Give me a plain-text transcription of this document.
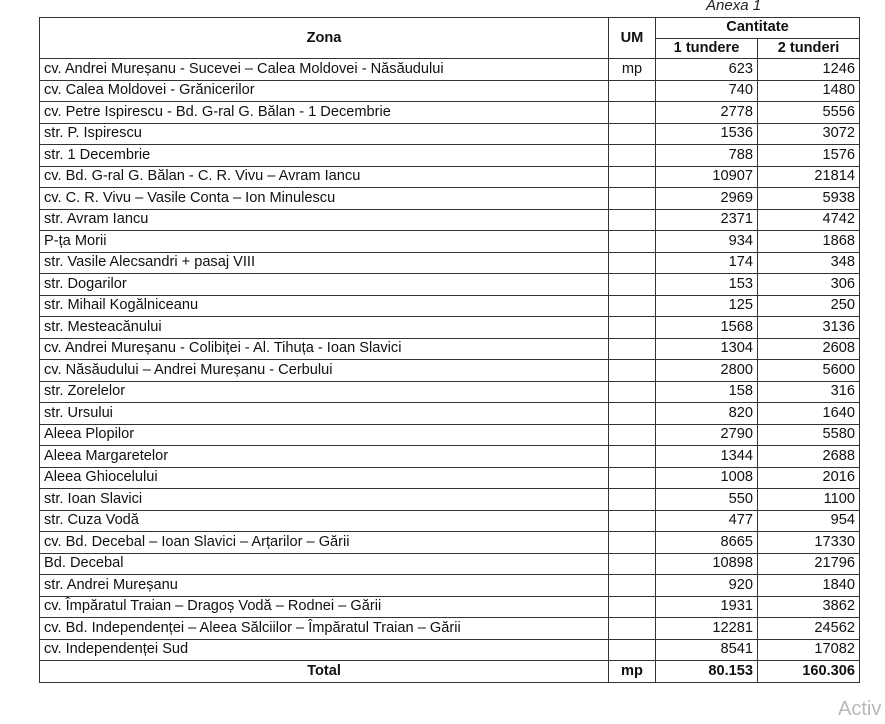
Anexa 1
Zona	UM	Cantitate	
		1 tundere	2 tunderi
cv. Andrei Mureșanu - Sucevei – Calea Moldovei - Năsăudului	mp	623	1246
cv. Calea Moldovei - Grănicerilor		740	1480
cv. Petre Ispirescu - Bd. G-ral G. Bălan - 1 Decembrie		2778	5556
str. P. Ispirescu		1536	3072
str. 1 Decembrie		788	1576
cv. Bd. G-ral G. Bălan - C. R. Vivu – Avram Iancu		10907	21814
cv. C. R. Vivu – Vasile Conta – Ion Minulescu		2969	5938
str. Avram Iancu		2371	4742
P-ța Morii		934	1868
str. Vasile Alecsandri + pasaj VIII		174	348
str. Dogarilor		153	306
str. Mihail Kogălniceanu		125	250
str. Mesteacănului		1568	3136
cv. Andrei Mureșanu - Colibiței - Al. Tihuța - Ioan Slavici		1304	2608
cv. Năsăudului – Andrei Mureșanu - Cerbului		2800	5600
str. Zorelelor		158	316
str. Ursului		820	1640
Aleea Plopilor		2790	5580
Aleea Margaretelor		1344	2688
Aleea Ghiocelului		1008	2016
str. Ioan Slavici		550	1100
str. Cuza Vodă		477	954
cv. Bd. Decebal – Ioan Slavici – Arțarilor – Gării		8665	17330
Bd. Decebal		10898	21796
str. Andrei Mureșanu		920	1840
cv. Împăratul Traian – Dragoș Vodă – Rodnei – Gării		1931	3862
cv. Bd. Independenței – Aleea Sălciilor – Împăratul Traian – Gării		12281	24562
cv. Independenței Sud		8541	17082
Total	mp	80.153	160.306
Activ
